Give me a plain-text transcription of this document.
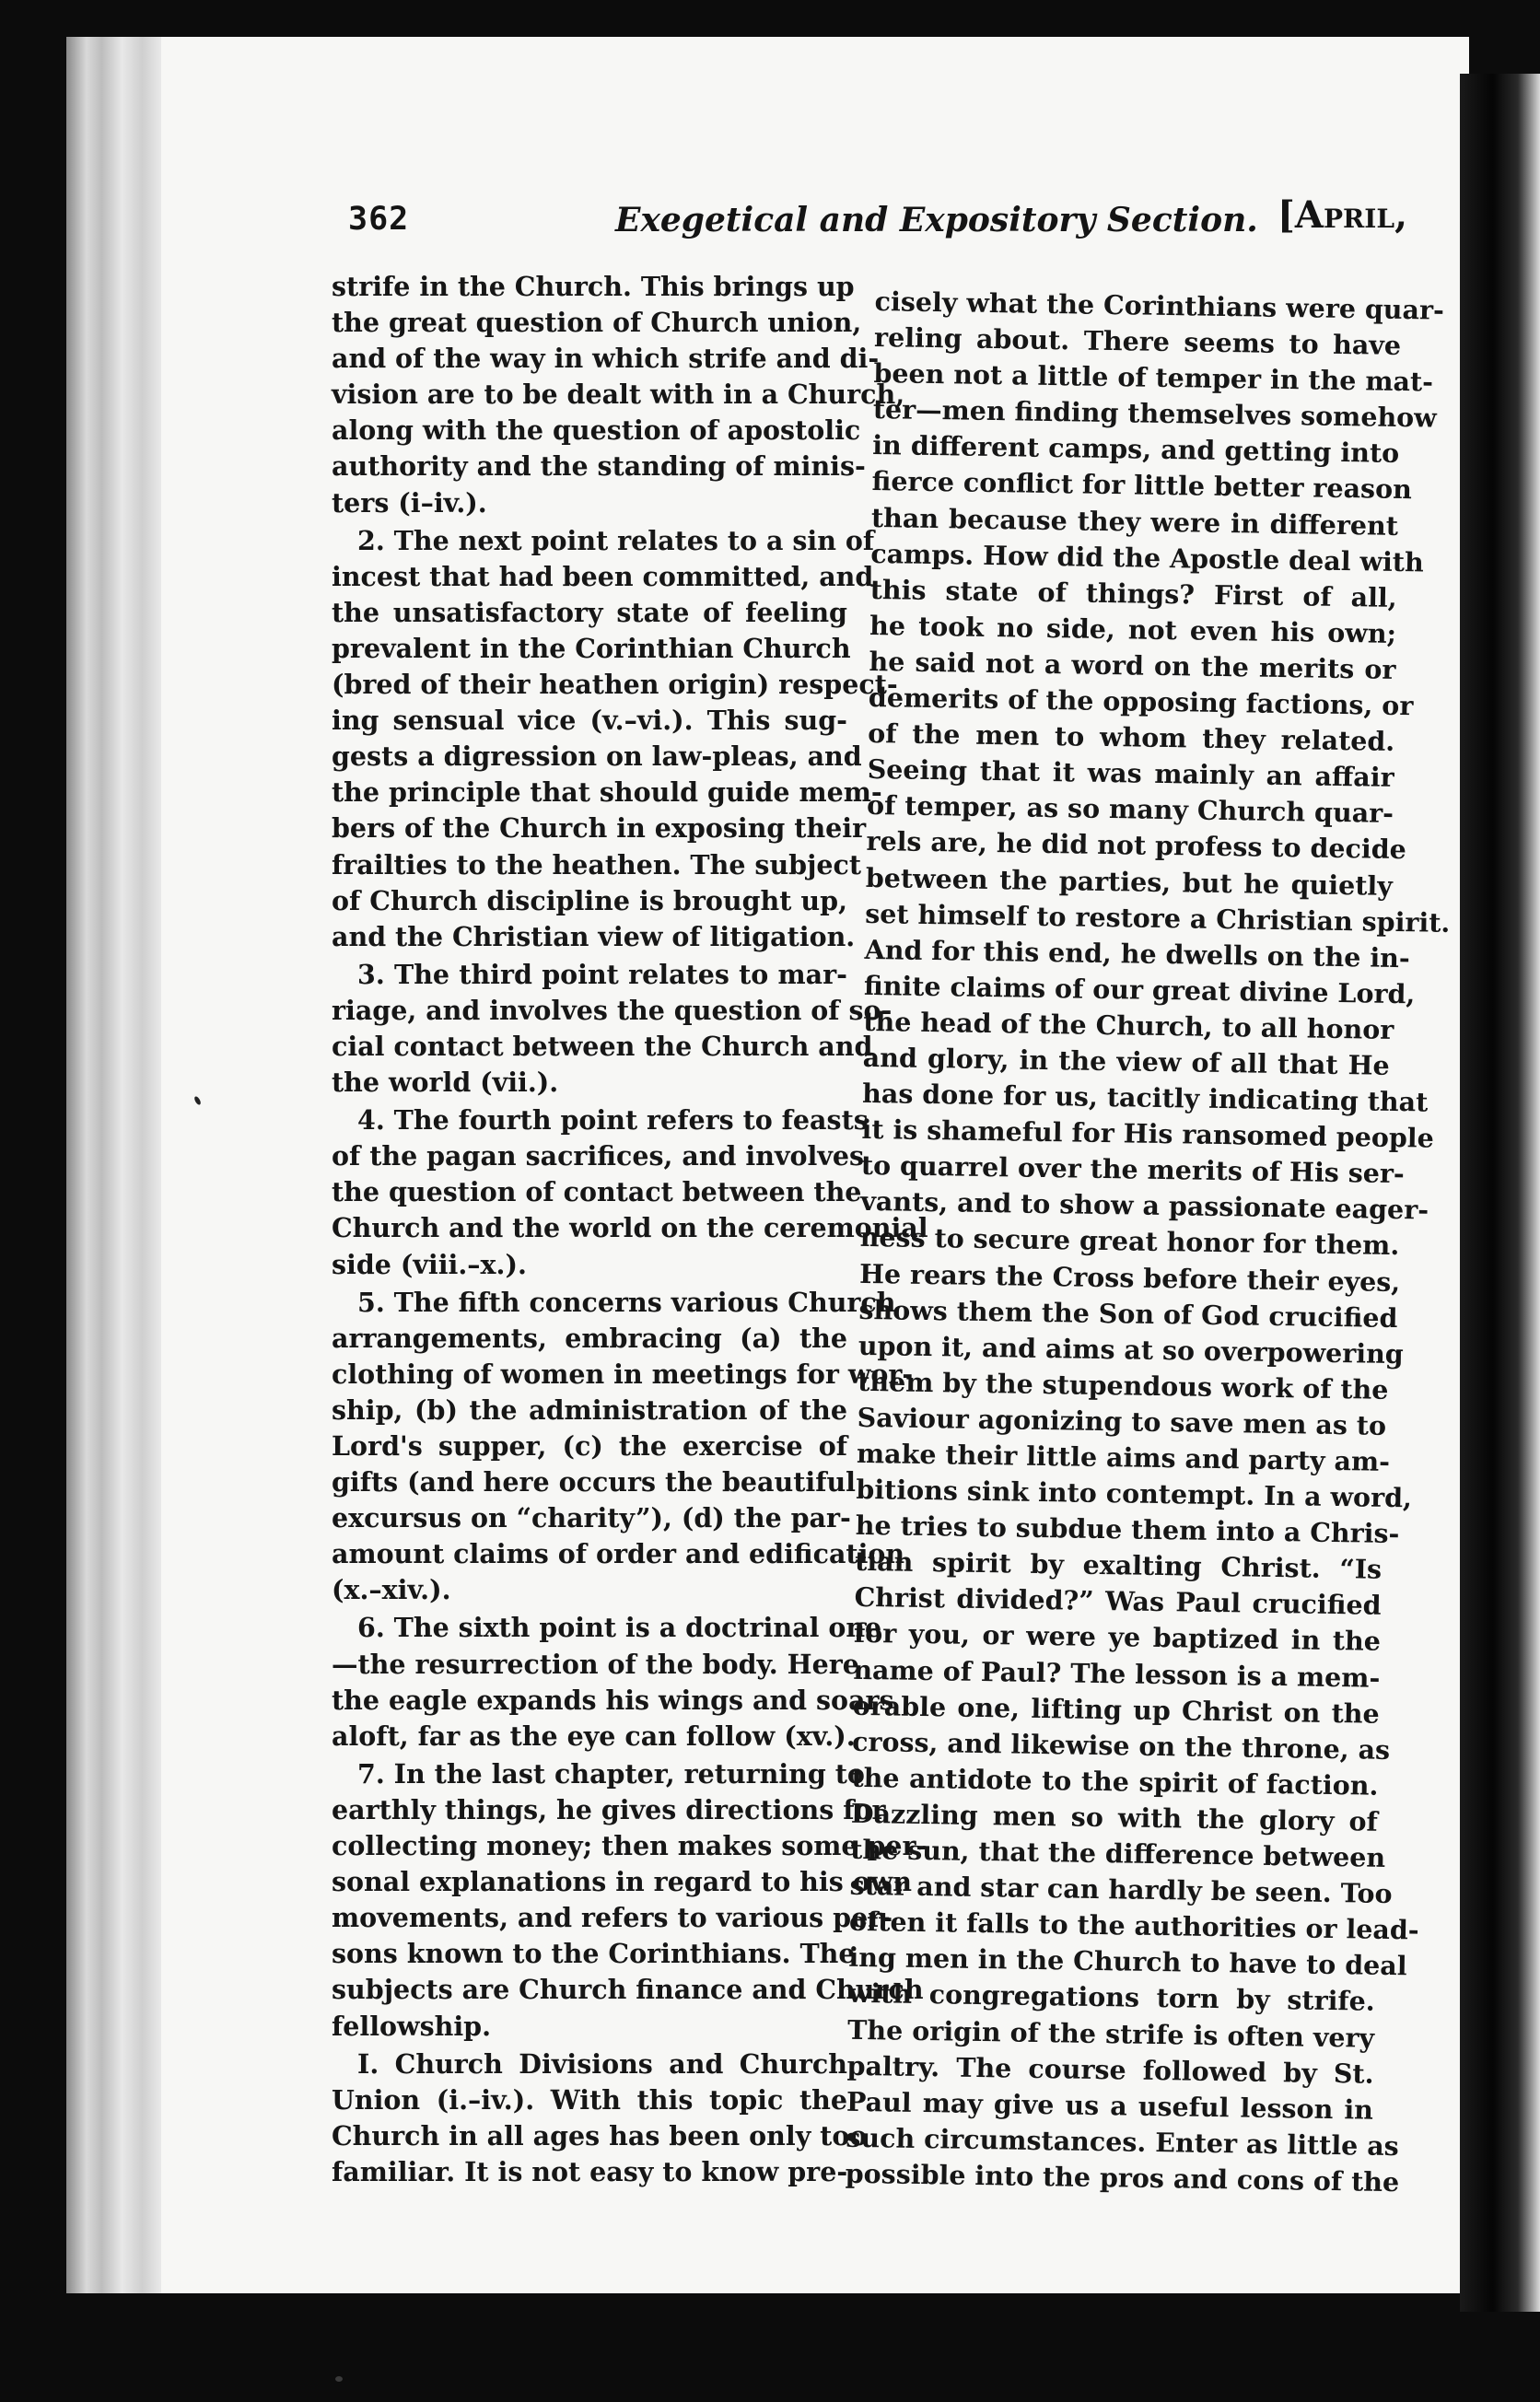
362	Exegetical and Expository Section. [April,
strife in the Church. This brings up
the great question of Church union,
and of the way in which strife and di-
vision are to be dealt with in a Church,
along with the question of apostolic
authority and the standing of minis-
ters (i–iv.).
2. The next point relates to a sin of
incest that had been committed, and
the unsatisfactory state of feeling
prevalent in the Corinthian Church
(bred of their heathen origin) respect-
ing sensual vice (v.–vi.). This sug-
gests a digression on law-pleas, and
the principle that should guide mem-
bers of the Church in exposing their
frailties to the heathen. The subject
of Church discipline is brought up,
and the Christian view of litigation.
3. The third point relates to mar-
riage, and involves the question of so-
cial contact between the Church and
the world (vii.).
4. The fourth point refers to feasts
of the pagan sacrifices, and involves
the question of contact between the
Church and the world on the ceremonial
side (viii.–x.).
5. The fifth concerns various Church
arrangements, embracing (a) the
clothing of women in meetings for wor-
ship, (b) the administration of the
Lord's supper, (c) the exercise of
gifts (and here occurs the beautiful
excursus on “charity”), (d) the par-
amount claims of order and edification
(x.–xiv.).
6. The sixth point is a doctrinal one
—the resurrection of the body. Here
the eagle expands his wings and soars
aloft, far as the eye can follow (xv.).
7. In the last chapter, returning to
earthly things, he gives directions for
collecting money; then makes some per-
sonal explanations in regard to his own
movements, and refers to various per-
sons known to the Corinthians. The
subjects are Church finance and Church
fellowship.
I. Church Divisions and Church
Union (i.–iv.). With this topic the
Church in all ages has been only too
familiar. It is not easy to know pre-
cisely what the Corinthians were quar-
reling about. There seems to have
been not a little of temper in the mat-
ter—men finding themselves somehow
in different camps, and getting into
fierce conflict for little better reason
than because they were in different
camps. How did the Apostle deal with
this state of things? First of all,
he took no side, not even his own;
he said not a word on the merits or
demerits of the opposing factions, or
of the men to whom they related.
Seeing that it was mainly an affair
of temper, as so many Church quar-
rels are, he did not profess to decide
between the parties, but he quietly
set himself to restore a Christian spirit.
And for this end, he dwells on the in-
finite claims of our great divine Lord,
the head of the Church, to all honor
and glory, in the view of all that He
has done for us, tacitly indicating that
it is shameful for His ransomed people
to quarrel over the merits of His ser-
vants, and to show a passionate eager-
ness to secure great honor for them.
He rears the Cross before their eyes,
shows them the Son of God crucified
upon it, and aims at so overpowering
them by the stupendous work of the
Saviour agonizing to save men as to
make their little aims and party am-
bitions sink into contempt. In a word,
he tries to subdue them into a Chris-
tian spirit by exalting Christ. “Is
Christ divided?” Was Paul crucified
for you, or were ye baptized in the
name of Paul? The lesson is a mem-
orable one, lifting up Christ on the
cross, and likewise on the throne, as
the antidote to the spirit of faction.
Dazzling men so with the glory of
the sun, that the difference between
star and star can hardly be seen. Too
often it falls to the authorities or lead-
ing men in the Church to have to deal
with congregations torn by strife.
The origin of the strife is often very
paltry. The course followed by St.
Paul may give us a useful lesson in
such circumstances. Enter as little as
possible into the pros and cons of the
